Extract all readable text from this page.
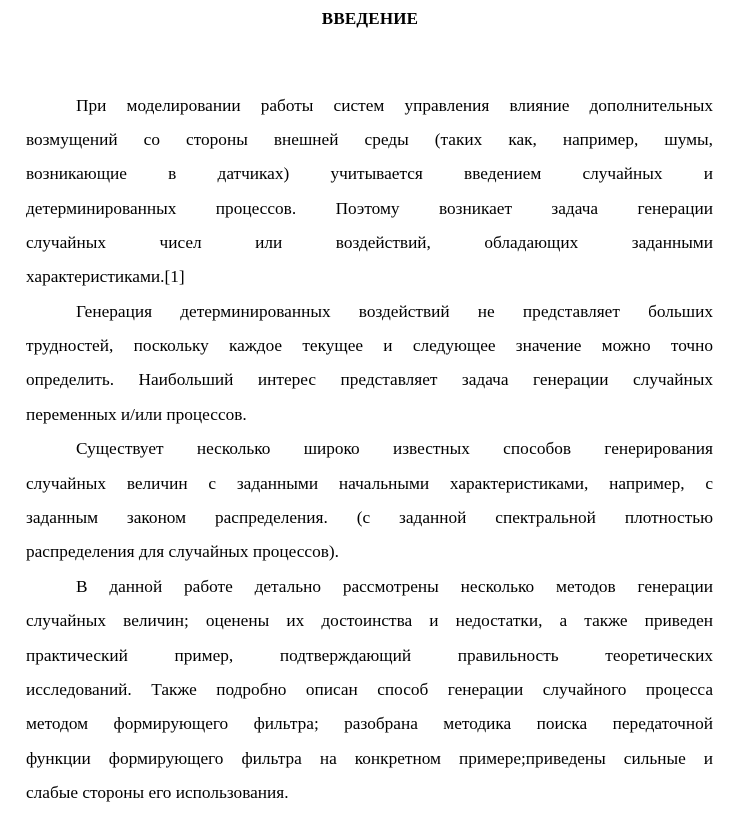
ВВЕДЕНИЕ
При моделировании работы систем управления влияние дополнительных
возмущений со стороны внешней среды (таких как, например, шумы,
возникающие в датчиках) учитывается введением случайных и
детерминированных процессов. Поэтому возникает задача генерации
случайных чисел или воздействий, обладающих заданными
характеристиками.[1]
Генерация детерминированных воздействий не представляет больших
трудностей, поскольку каждое текущее и следующее значение можно точно
определить. Наибольший интерес представляет задача генерации случайных
переменных и/или процессов.
Существует несколько широко известных способов генерирования
случайных величин с заданными начальными характеристиками, например, с
заданным законом распределения. (с заданной спектральной плотностью
распределения для случайных процессов).
В данной работе детально рассмотрены несколько методов генерации
случайных величин; оценены их достоинства и недостатки, а также приведен
практический пример, подтверждающий правильность теоретических
исследований. Также подробно описан способ генерации случайного процесса
методом формирующего фильтра; разобрана методика поиска передаточной
функции формирующего фильтра на конкретном примере;приведены сильные и
слабые стороны его использования.
